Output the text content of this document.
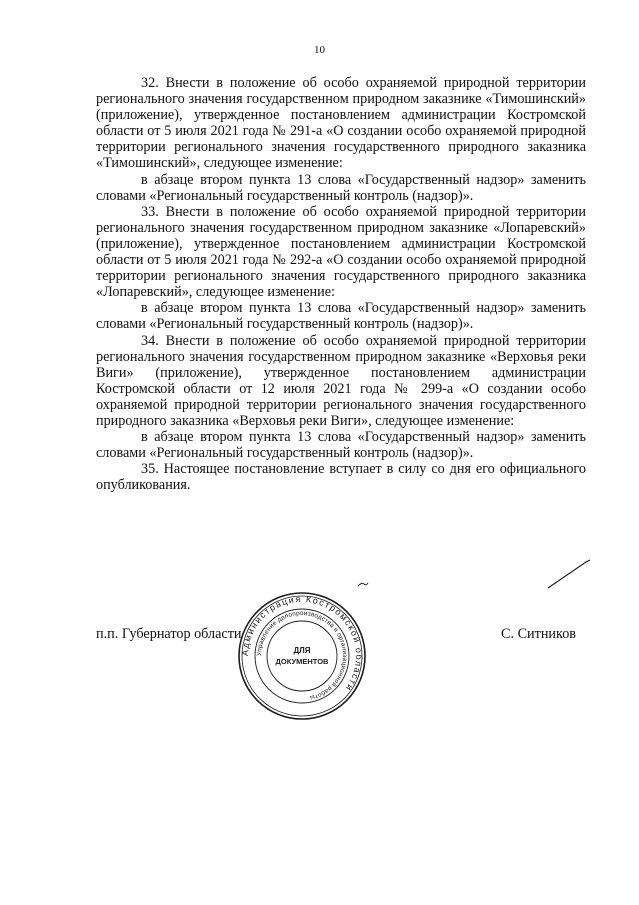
10

32. Внести в положение об особо охраняемой природной территории регионального значения государственном природном заказнике «Тимошинский» (приложение), утвержденное постановлением администрации Костромской области от 5 июля 2021 года № 291-а «О создании особо охраняемой природной территории регионального значения государственного природного заказника «Тимошинский», следующее изменение:

в абзаце втором пункта 13 слова «Государственный надзор» заменить словами «Региональный государственный контроль (надзор)».

33. Внести в положение об особо охраняемой природной территории регионального значения государственном природном заказнике «Лопаревский» (приложение), утвержденное постановлением администрации Костромской области от 5 июля 2021 года № 292-а «О создании особо охраняемой природной территории регионального значения государственного природного заказника «Лопаревский», следующее изменение:

в абзаце втором пункта 13 слова «Государственный надзор» заменить словами «Региональный государственный контроль (надзор)».

34. Внести в положение об особо охраняемой природной территории регионального значения государственном природном заказнике «Верховья реки Виги» (приложение), утвержденное постановлением администрации Костромской области от 12 июля 2021 года № 299-а «О создании особо охраняемой природной территории регионального значения государственного природного заказника «Верховья реки Виги», следующее изменение:

в абзаце втором пункта 13 слова «Государственный надзор» заменить словами «Региональный государственный контроль (надзор)».

35. Настоящее постановление вступает в силу со дня его официального опубликования.

п.п. Губернатор области	С. Ситников
Администрация Костромской области
Управление делопроизводства и организационной работы
ДЛЯ
ДОКУМЕНТОВ
